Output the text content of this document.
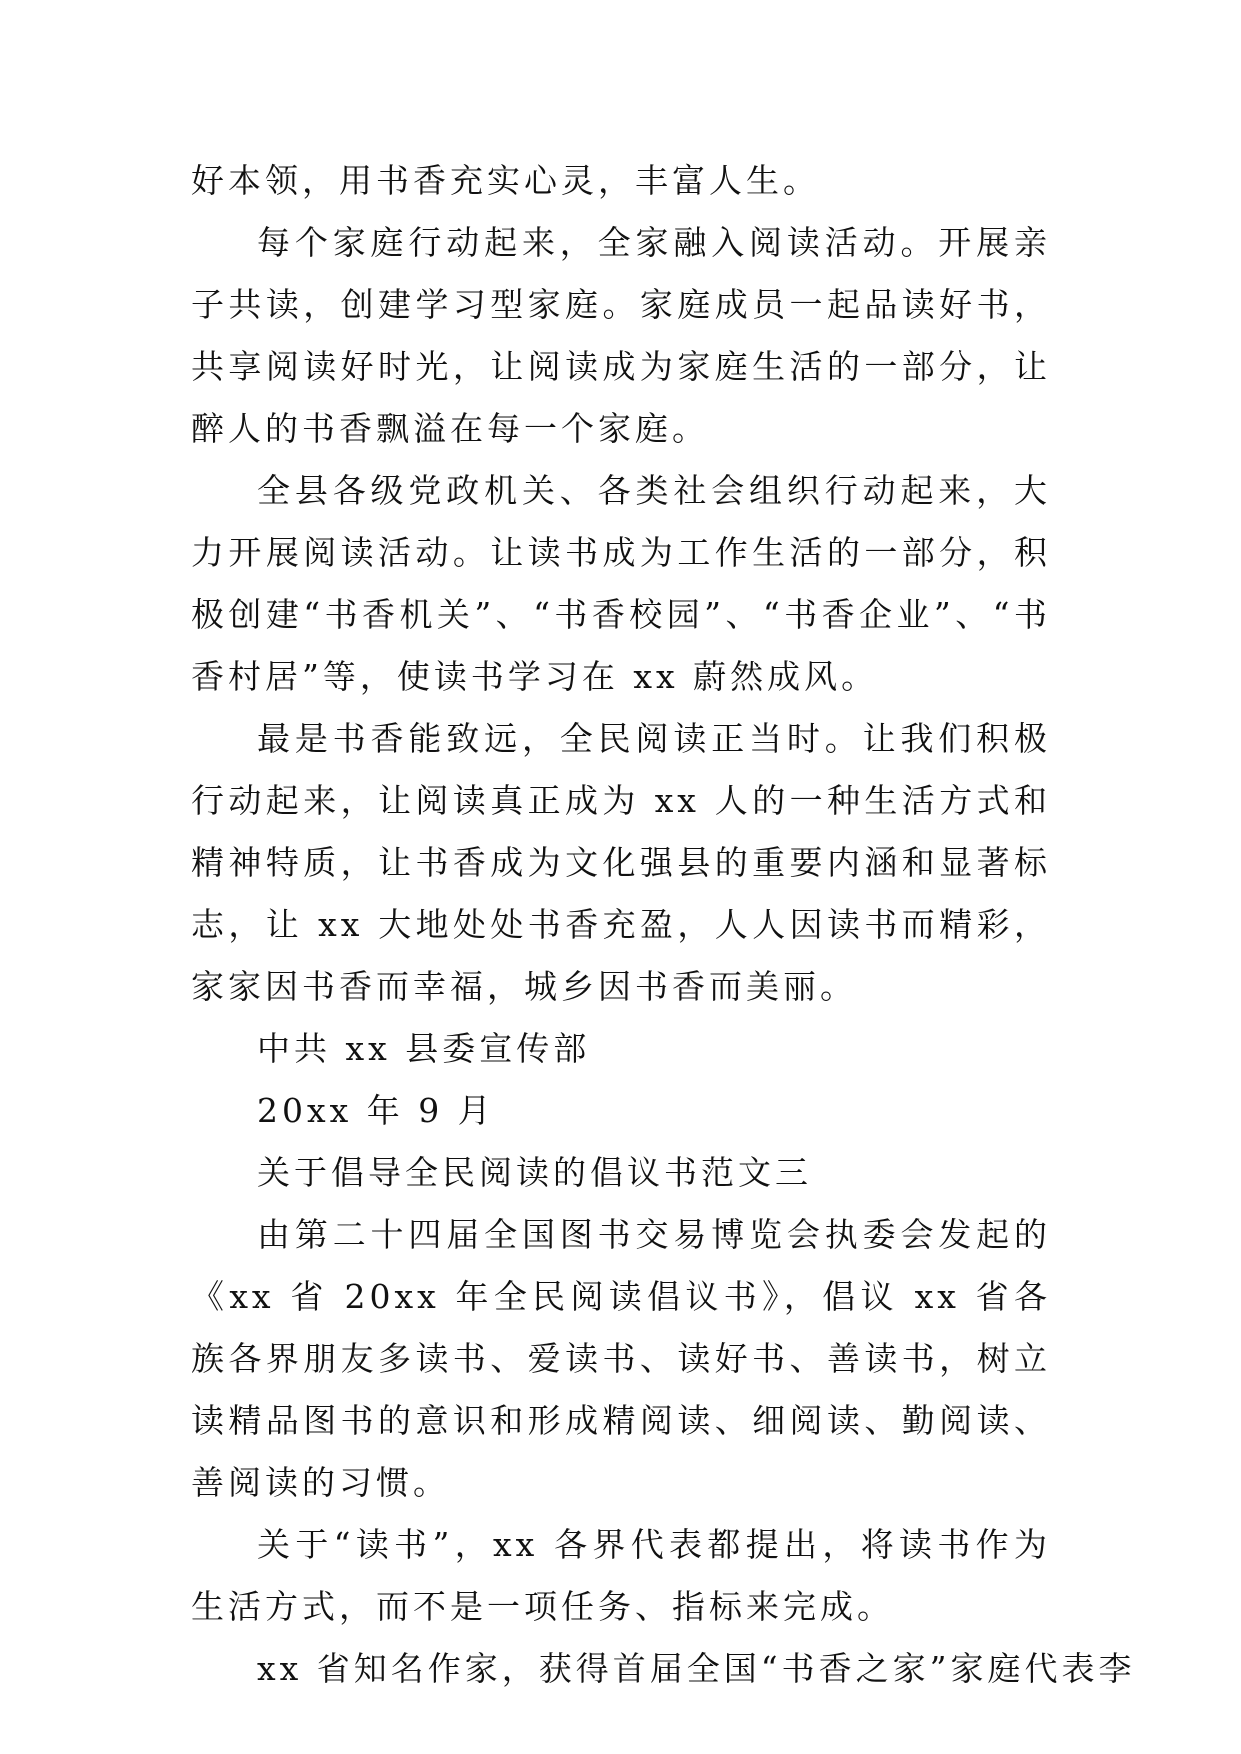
好本领，用书香充实心灵，丰富人生。

每个家庭行动起来，全家融入阅读活动。开展亲子共读，创建学习型家庭。家庭成员一起品读好书，共享阅读好时光，让阅读成为家庭生活的一部分，让醉人的书香飘溢在每一个家庭。

全县各级党政机关、各类社会组织行动起来，大力开展阅读活动。让读书成为工作生活的一部分，积极创建“书香机关”、“书香校园”、“书香企业”、“书香村居”等，使读书学习在 xx 蔚然成风。

最是书香能致远，全民阅读正当时。让我们积极行动起来，让阅读真正成为 xx 人的一种生活方式和精神特质，让书香成为文化强县的重要内涵和显著标志，让 xx 大地处处书香充盈，人人因读书而精彩，家家因书香而幸福，城乡因书香而美丽。

中共 xx 县委宣传部

20xx 年 9 月

关于倡导全民阅读的倡议书范文三

由第二十四届全国图书交易博览会执委会发起的《xx 省 20xx 年全民阅读倡议书》，倡议 xx 省各族各界朋友多读书、爱读书、读好书、善读书，树立读精品图书的意识和形成精阅读、细阅读、勤阅读、善阅读的习惯。

关于“读书”，xx 各界代表都提出，将读书作为生活方式，而不是一项任务、指标来完成。

xx 省知名作家，获得首届全国“书香之家”家庭代表李
